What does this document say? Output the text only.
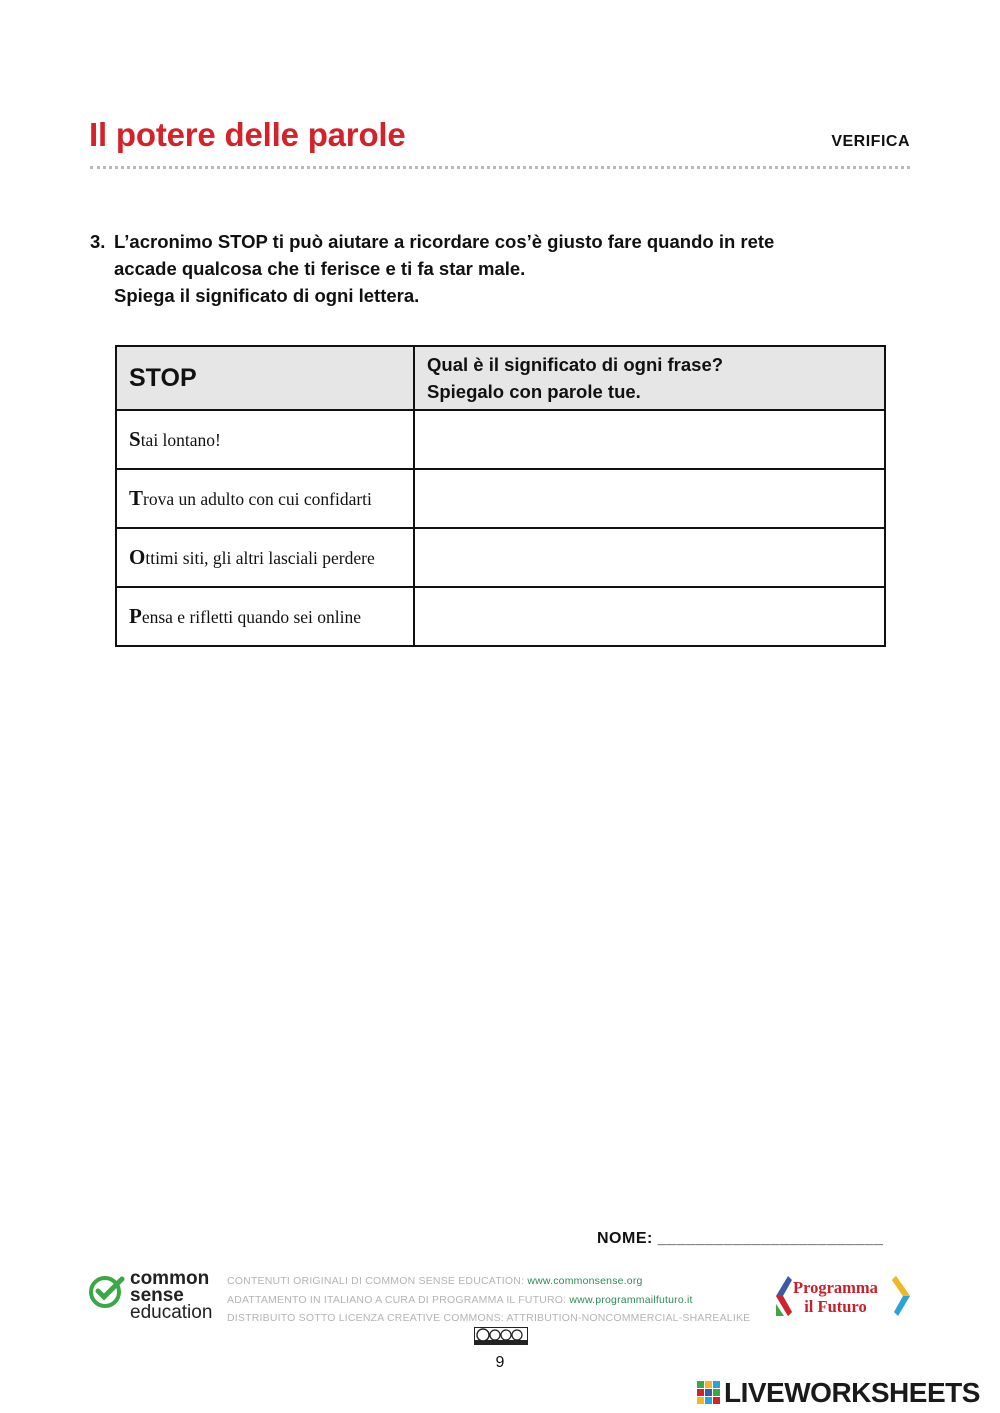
Il potere delle parole	VERIFICA
3. L’acronimo STOP ti può aiutare a ricordare cos’è giusto fare quando in rete
accade qualcosa che ti ferisce e ti fa star male.
Spiega il significato di ogni lettera.
STOP	Qual è il significato di ogni frase?
Spiegalo con parole tue.

Stai lontano!	
Trova un adulto con cui confidarti	
Ottimi siti, gli altri lasciali perdere	
Pensa e rifletti quando sei online	
NOME: ________________________
common
sense
education
CONTENUTI ORIGINALI DI COMMON SENSE EDUCATION: www.commonsense.org
ADATTAMENTO IN ITALIANO A CURA DI PROGRAMMA IL FUTURO: www.programmailfuturo.it
DISTRIBUITO SOTTO LICENZA CREATIVE COMMONS: ATTRIBUTION-NONCOMMERCIAL-SHAREALIKE
9
Programma
il Futuro
LIVEWORKSHEETS
